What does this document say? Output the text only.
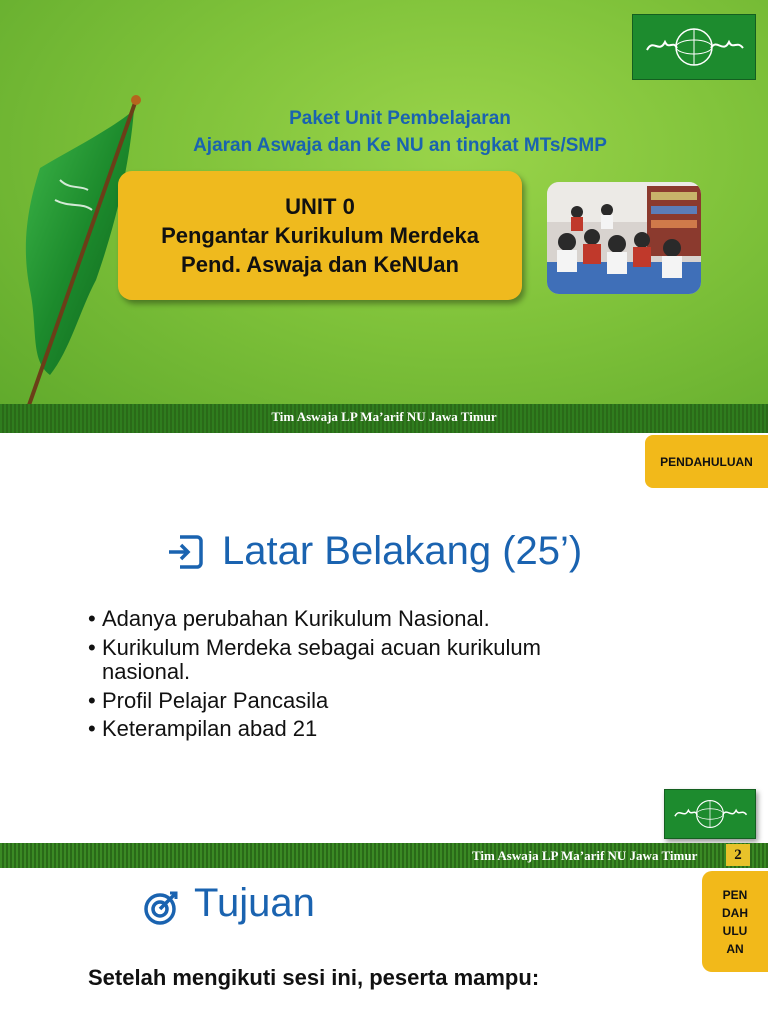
Paket Unit Pembelajaran
Ajaran Aswaja dan Ke NU an tingkat MTs/SMP
UNIT 0
Pengantar Kurikulum Merdeka
Pend. Aswaja dan KeNUan
Tim Aswaja LP Ma’arif NU Jawa Timur
PENDAHULUAN
Latar Belakang (25’)
• Adanya perubahan Kurikulum Nasional.
• Kurikulum Merdeka sebagai acuan kurikulum nasional.
• Profil Pelajar Pancasila
• Keterampilan abad 21
Tim Aswaja LP Ma’arif NU Jawa Timur	2
PEN DAH ULU AN
Tujuan
Setelah mengikuti sesi ini, peserta mampu:
